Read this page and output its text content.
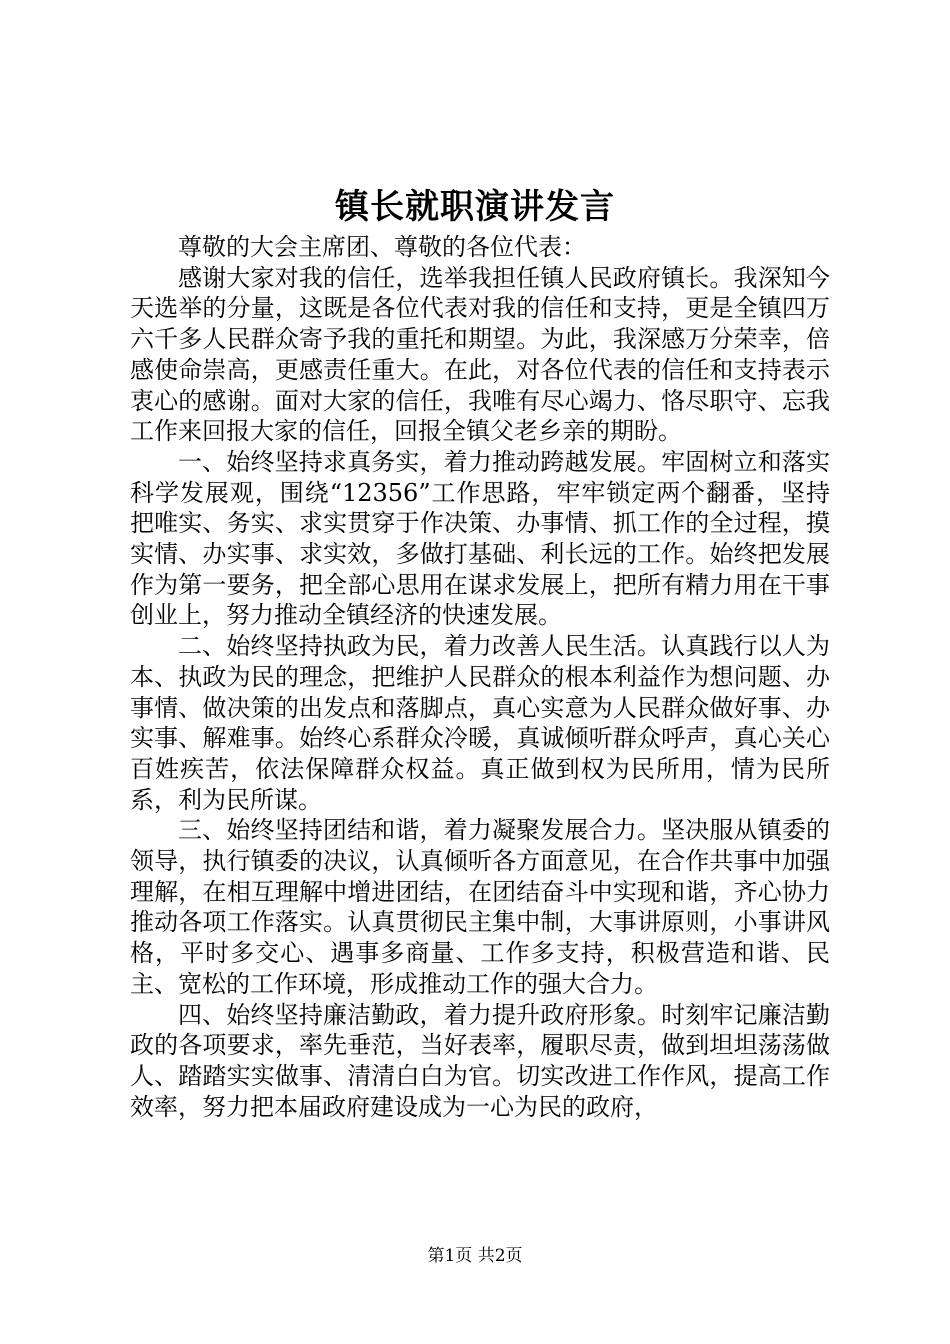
镇长就职演讲发言

尊敬的大会主席团、尊敬的各位代表：

感谢大家对我的信任，选举我担任镇人民政府镇长。我深知今天选举的分量，这既是各位代表对我的信任和支持，更是全镇四万六千多人民群众寄予我的重托和期望。为此，我深感万分荣幸，倍感使命崇高，更感责任重大。在此，对各位代表的信任和支持表示衷心的感谢。面对大家的信任，我唯有尽心竭力、恪尽职守、忘我工作来回报大家的信任，回报全镇父老乡亲的期盼。

一、始终坚持求真务实，着力推动跨越发展。牢固树立和落实科学发展观，围绕“12356”工作思路，牢牢锁定两个翻番，坚持把唯实、务实、求实贯穿于作决策、办事情、抓工作的全过程，摸实情、办实事、求实效，多做打基础、利长远的工作。始终把发展作为第一要务，把全部心思用在谋求发展上，把所有精力用在干事创业上，努力推动全镇经济的快速发展。

二、始终坚持执政为民，着力改善人民生活。认真践行以人为本、执政为民的理念，把维护人民群众的根本利益作为想问题、办事情、做决策的出发点和落脚点，真心实意为人民群众做好事、办实事、解难事。始终心系群众冷暖，真诚倾听群众呼声，真心关心百姓疾苦，依法保障群众权益。真正做到权为民所用，情为民所系，利为民所谋。

三、始终坚持团结和谐，着力凝聚发展合力。坚决服从镇委的领导，执行镇委的决议，认真倾听各方面意见，在合作共事中加强理解，在相互理解中增进团结，在团结奋斗中实现和谐，齐心协力推动各项工作落实。认真贯彻民主集中制，大事讲原则，小事讲风格，平时多交心、遇事多商量、工作多支持，积极营造和谐、民主、宽松的工作环境，形成推动工作的强大合力。

四、始终坚持廉洁勤政，着力提升政府形象。时刻牢记廉洁勤政的各项要求，率先垂范，当好表率，履职尽责，做到坦坦荡荡做人、踏踏实实做事、清清白白为官。切实改进工作作风，提高工作效率，努力把本届政府建设成为一心为民的政府，

第1页 共2页
